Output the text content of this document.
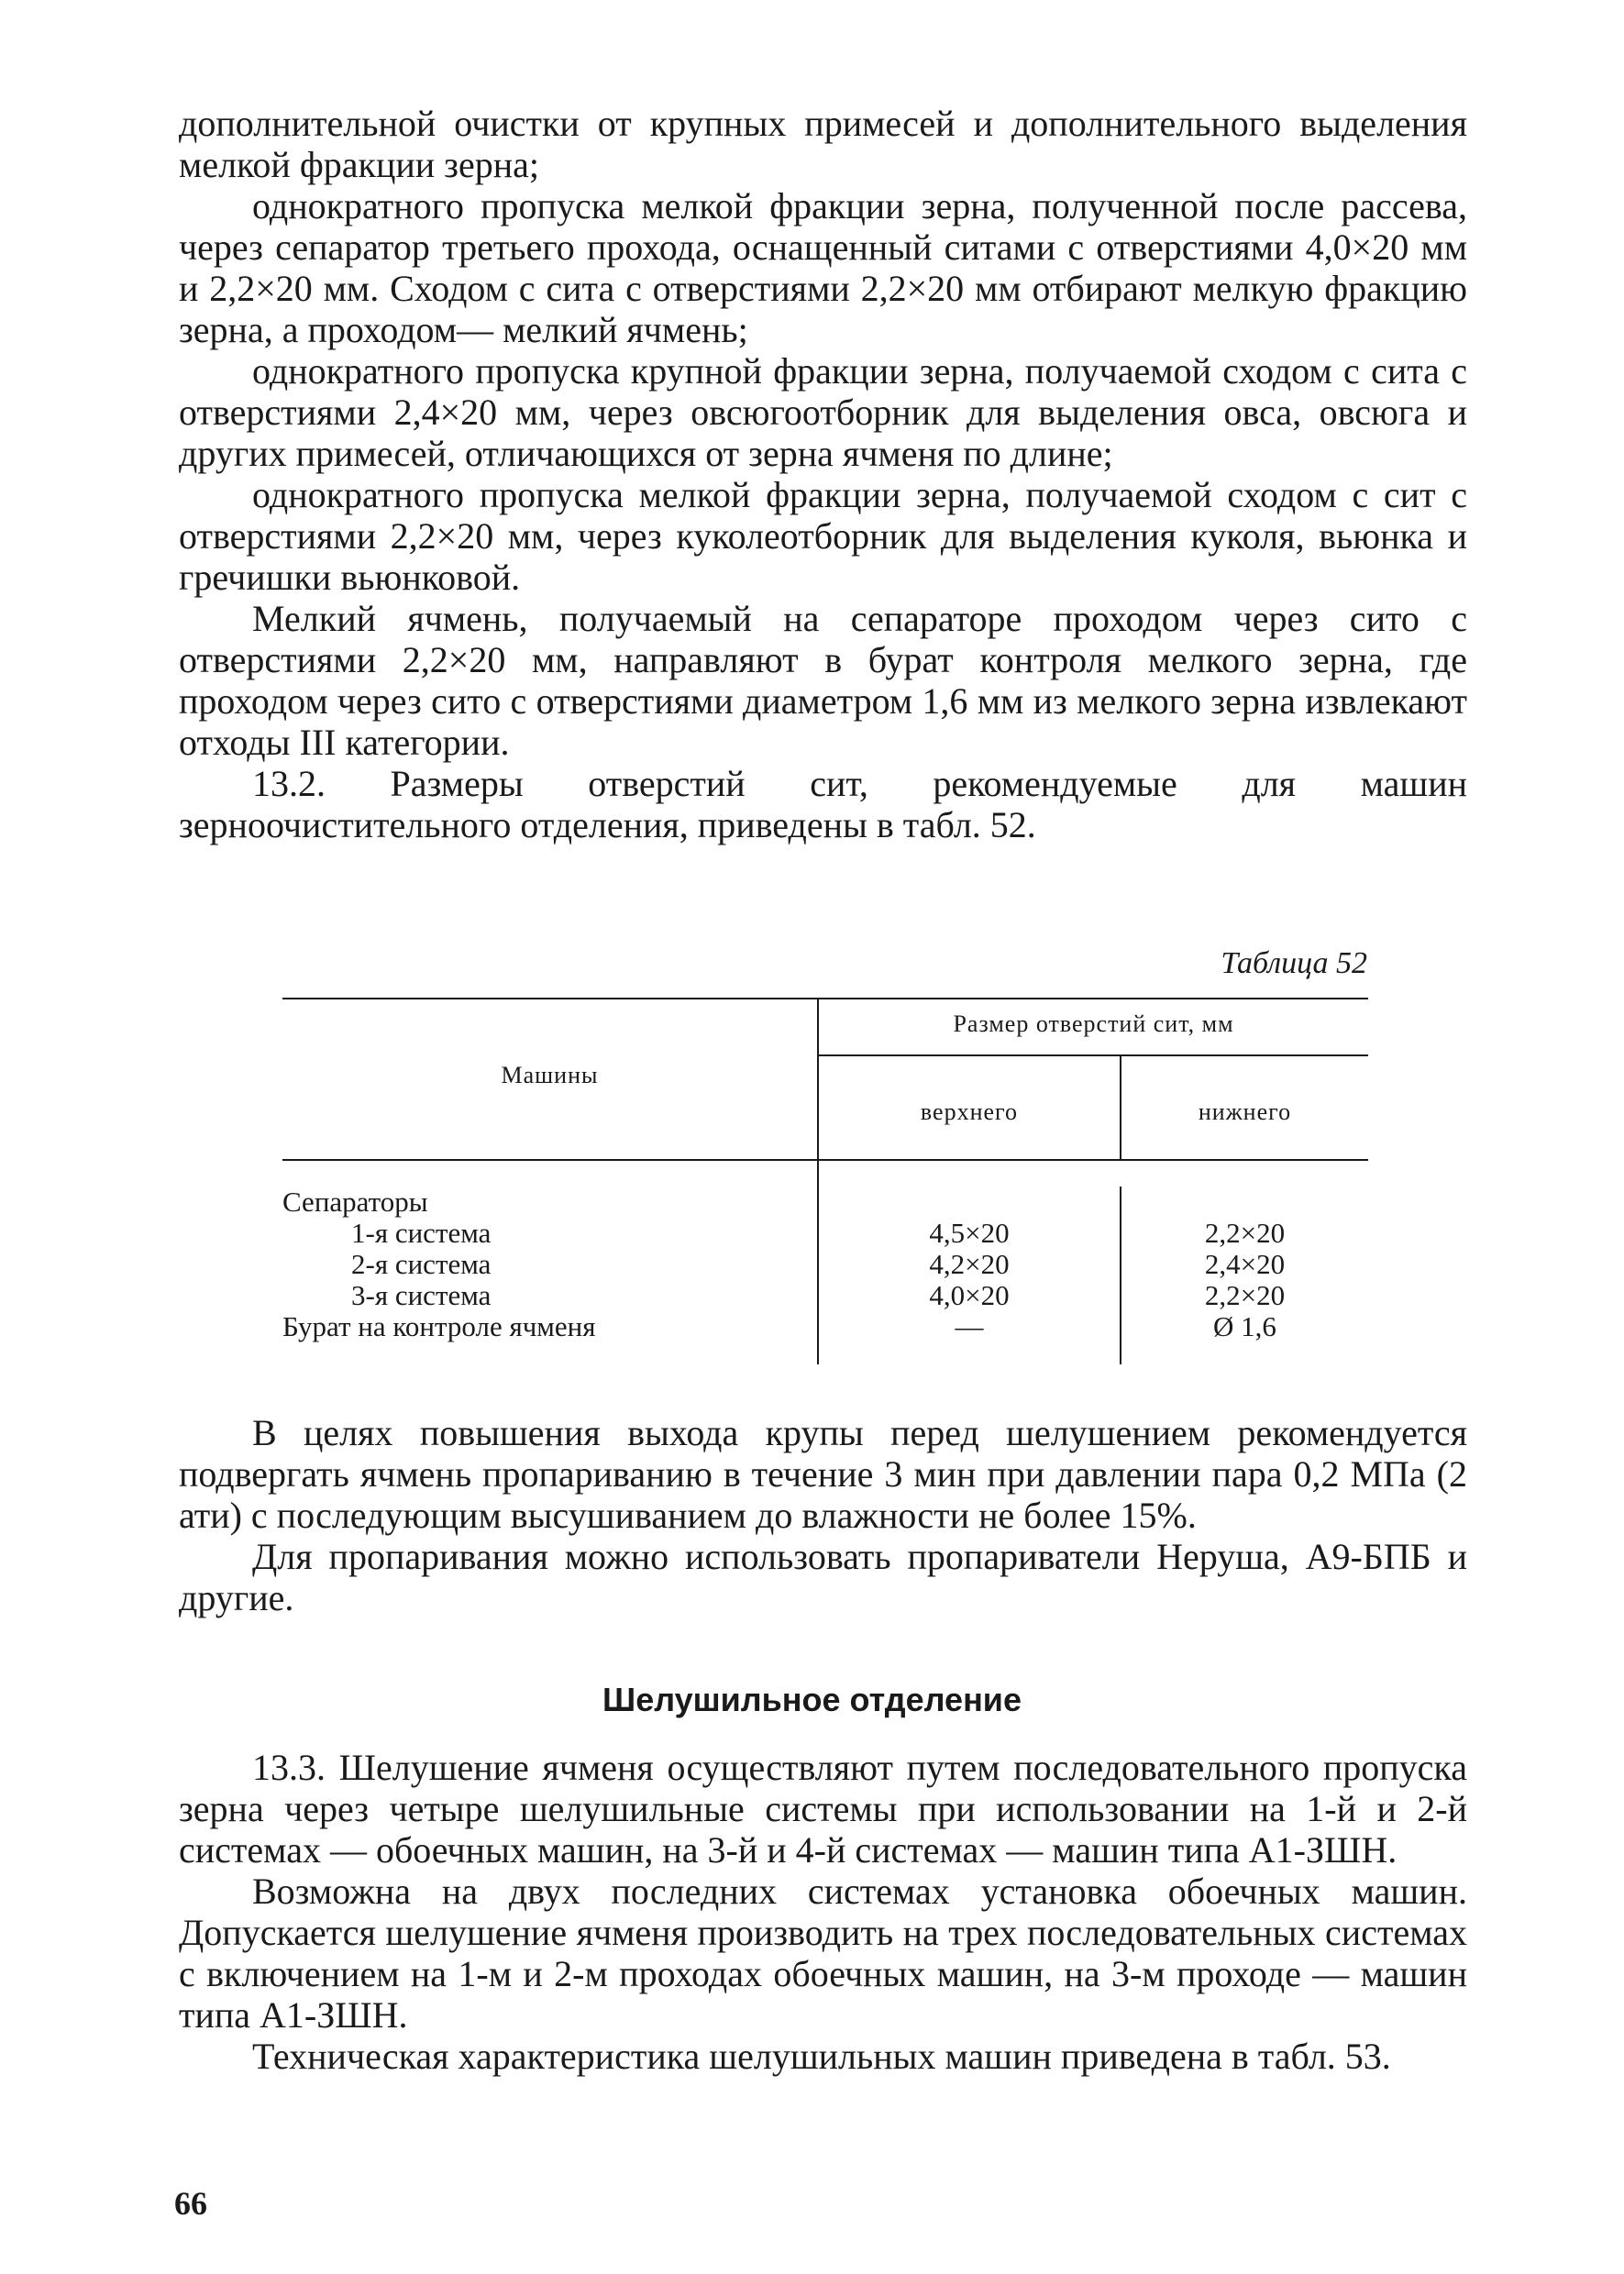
дополнительной очистки от крупных примесей и дополнительного выделения мелкой фракции зерна;

однократного пропуска мелкой фракции зерна, полученной после рассева, через сепаратор третьего прохода, оснащенный ситами с отверстиями 4,0×20 мм и 2,2×20 мм. Сходом с сита с отверстиями 2,2×20 мм отбирают мелкую фракцию зерна, а проходом— мелкий ячмень;

однократного пропуска крупной фракции зерна, получаемой сходом с сита с отверстиями 2,4×20 мм, через овсюгоотборник для выделения овса, овсюга и других примесей, отличающихся от зерна ячменя по длине;

однократного пропуска мелкой фракции зерна, получаемой сходом с сит с отверстиями 2,2×20 мм, через куколеотборник для выделения куколя, вьюнка и гречишки вьюнковой.

Мелкий ячмень, получаемый на сепараторе проходом через сито с отверстиями 2,2×20 мм, направляют в бурат контроля мелкого зерна, где проходом через сито с отверстиями диаметром 1,6 мм из мелкого зерна извлекают отходы III категории.

13.2. Размеры отверстий сит, рекомендуемые для машин зерноочистительного отделения, приведены в табл. 52.

Таблица 52
Машины
Размер отверстий сит, мм
верхнего	нижнего
Сепараторы
1-я система	4,5×20	2,2×20
2-я система	4,2×20	2,4×20
3-я система	4,0×20	2,2×20
Бурат на контроле ячменя	—	Ø 1,6

В целях повышения выхода крупы перед шелушением рекомендуется подвергать ячмень пропариванию в течение 3 мин при давлении пара 0,2 МПа (2 ати) с последующим высушиванием до влажности не более 15%.

Для пропаривания можно использовать пропариватели Неруша, А9-БПБ и другие.

Шелушильное отделение

13.3. Шелушение ячменя осуществляют путем последовательного пропуска зерна через четыре шелушильные системы при использовании на 1-й и 2-й системах — обоечных машин, на 3-й и 4-й системах — машин типа А1-ЗШН.

Возможна на двух последних системах установка обоечных машин. Допускается шелушение ячменя производить на трех последовательных системах с включением на 1-м и 2-м проходах обоечных машин, на 3-м проходе — машин типа А1-ЗШН.

Техническая характеристика шелушильных машин приведена в табл. 53.

66
